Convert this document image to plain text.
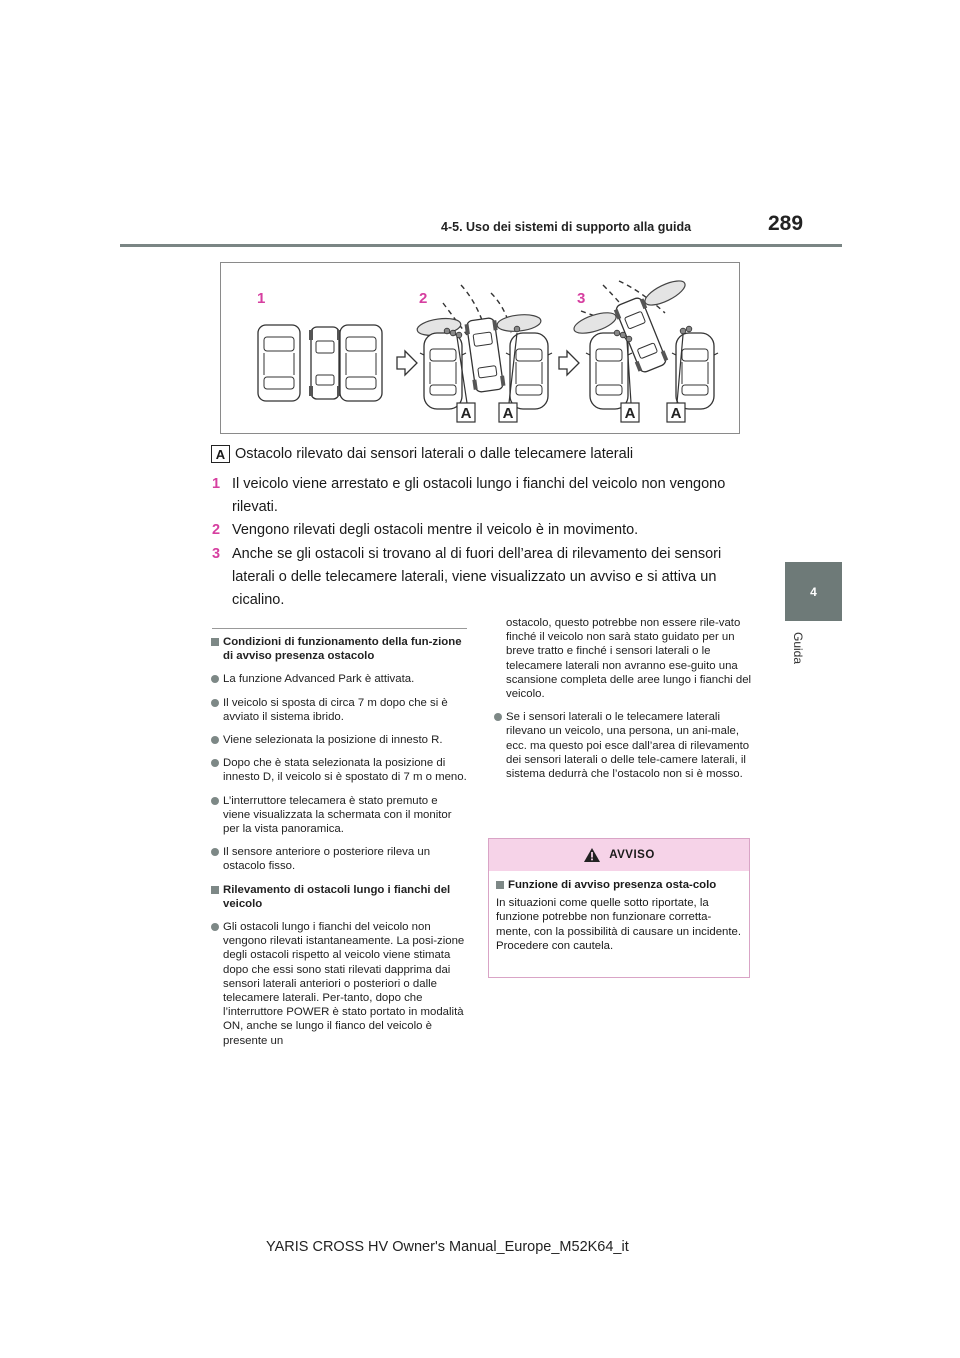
4-5. Uso dei sistemi di supporto alla guida	289
4
Guida
1	2
A A
3
A A
A Ostacolo rilevato dai sensori laterali o dalle telecamere laterali
1 Il veicolo viene arrestato e gli ostacoli lungo i fianchi del veicolo non vengono rilevati.
2 Vengono rilevati degli ostacoli mentre il veicolo è in movimento.
3 Anche se gli ostacoli si trovano al di fuori dell’area di rilevamento dei sensori laterali o delle telecamere laterali, viene visualizzato un avviso e si attiva un cicalino.
Condizioni di funzionamento della fun-zione di avviso presenza ostacolo
La funzione Advanced Park è attivata.
Il veicolo si sposta di circa 7 m dopo che si è avviato il sistema ibrido.
Viene selezionata la posizione di innesto R.
Dopo che è stata selezionata la posizione di innesto D, il veicolo si è spostato di 7 m o meno.
L’interruttore telecamera è stato premuto e viene visualizzata la schermata con il monitor per la vista panoramica.
Il sensore anteriore o posteriore rileva un ostacolo fisso.
Rilevamento di ostacoli lungo i fianchi del veicolo
Gli ostacoli lungo i fianchi del veicolo non vengono rilevati istantaneamente. La posi-zione degli ostacoli rispetto al veicolo viene stimata dopo che essi sono stati rilevati dapprima dai sensori laterali anteriori o posteriori o dalle telecamere laterali. Per-tanto, dopo che l’interruttore POWER è stato portato in modalità ON, anche se lungo il fianco del veicolo è presente un
ostacolo, questo potrebbe non essere rile-vato finché il veicolo non sarà stato guidato per un breve tratto e finché i sensori laterali o le telecamere laterali non avranno ese-guito una scansione completa delle aree lungo i fianchi del veicolo.
Se i sensori laterali o le telecamere laterali rilevano un veicolo, una persona, un ani-male, ecc. ma questo poi esce dall’area di rilevamento dei sensori laterali o delle tele-camere laterali, il sistema dedurrà che l’ostacolo non si è mosso.
AVVISO
Funzione di avviso presenza osta-colo
In situazioni come quelle sotto riportate, la funzione potrebbe non funzionare corretta-mente, con la possibilità di causare un incidente. Procedere con cautela.
YARIS CROSS HV Owner's Manual_Europe_M52K64_it
